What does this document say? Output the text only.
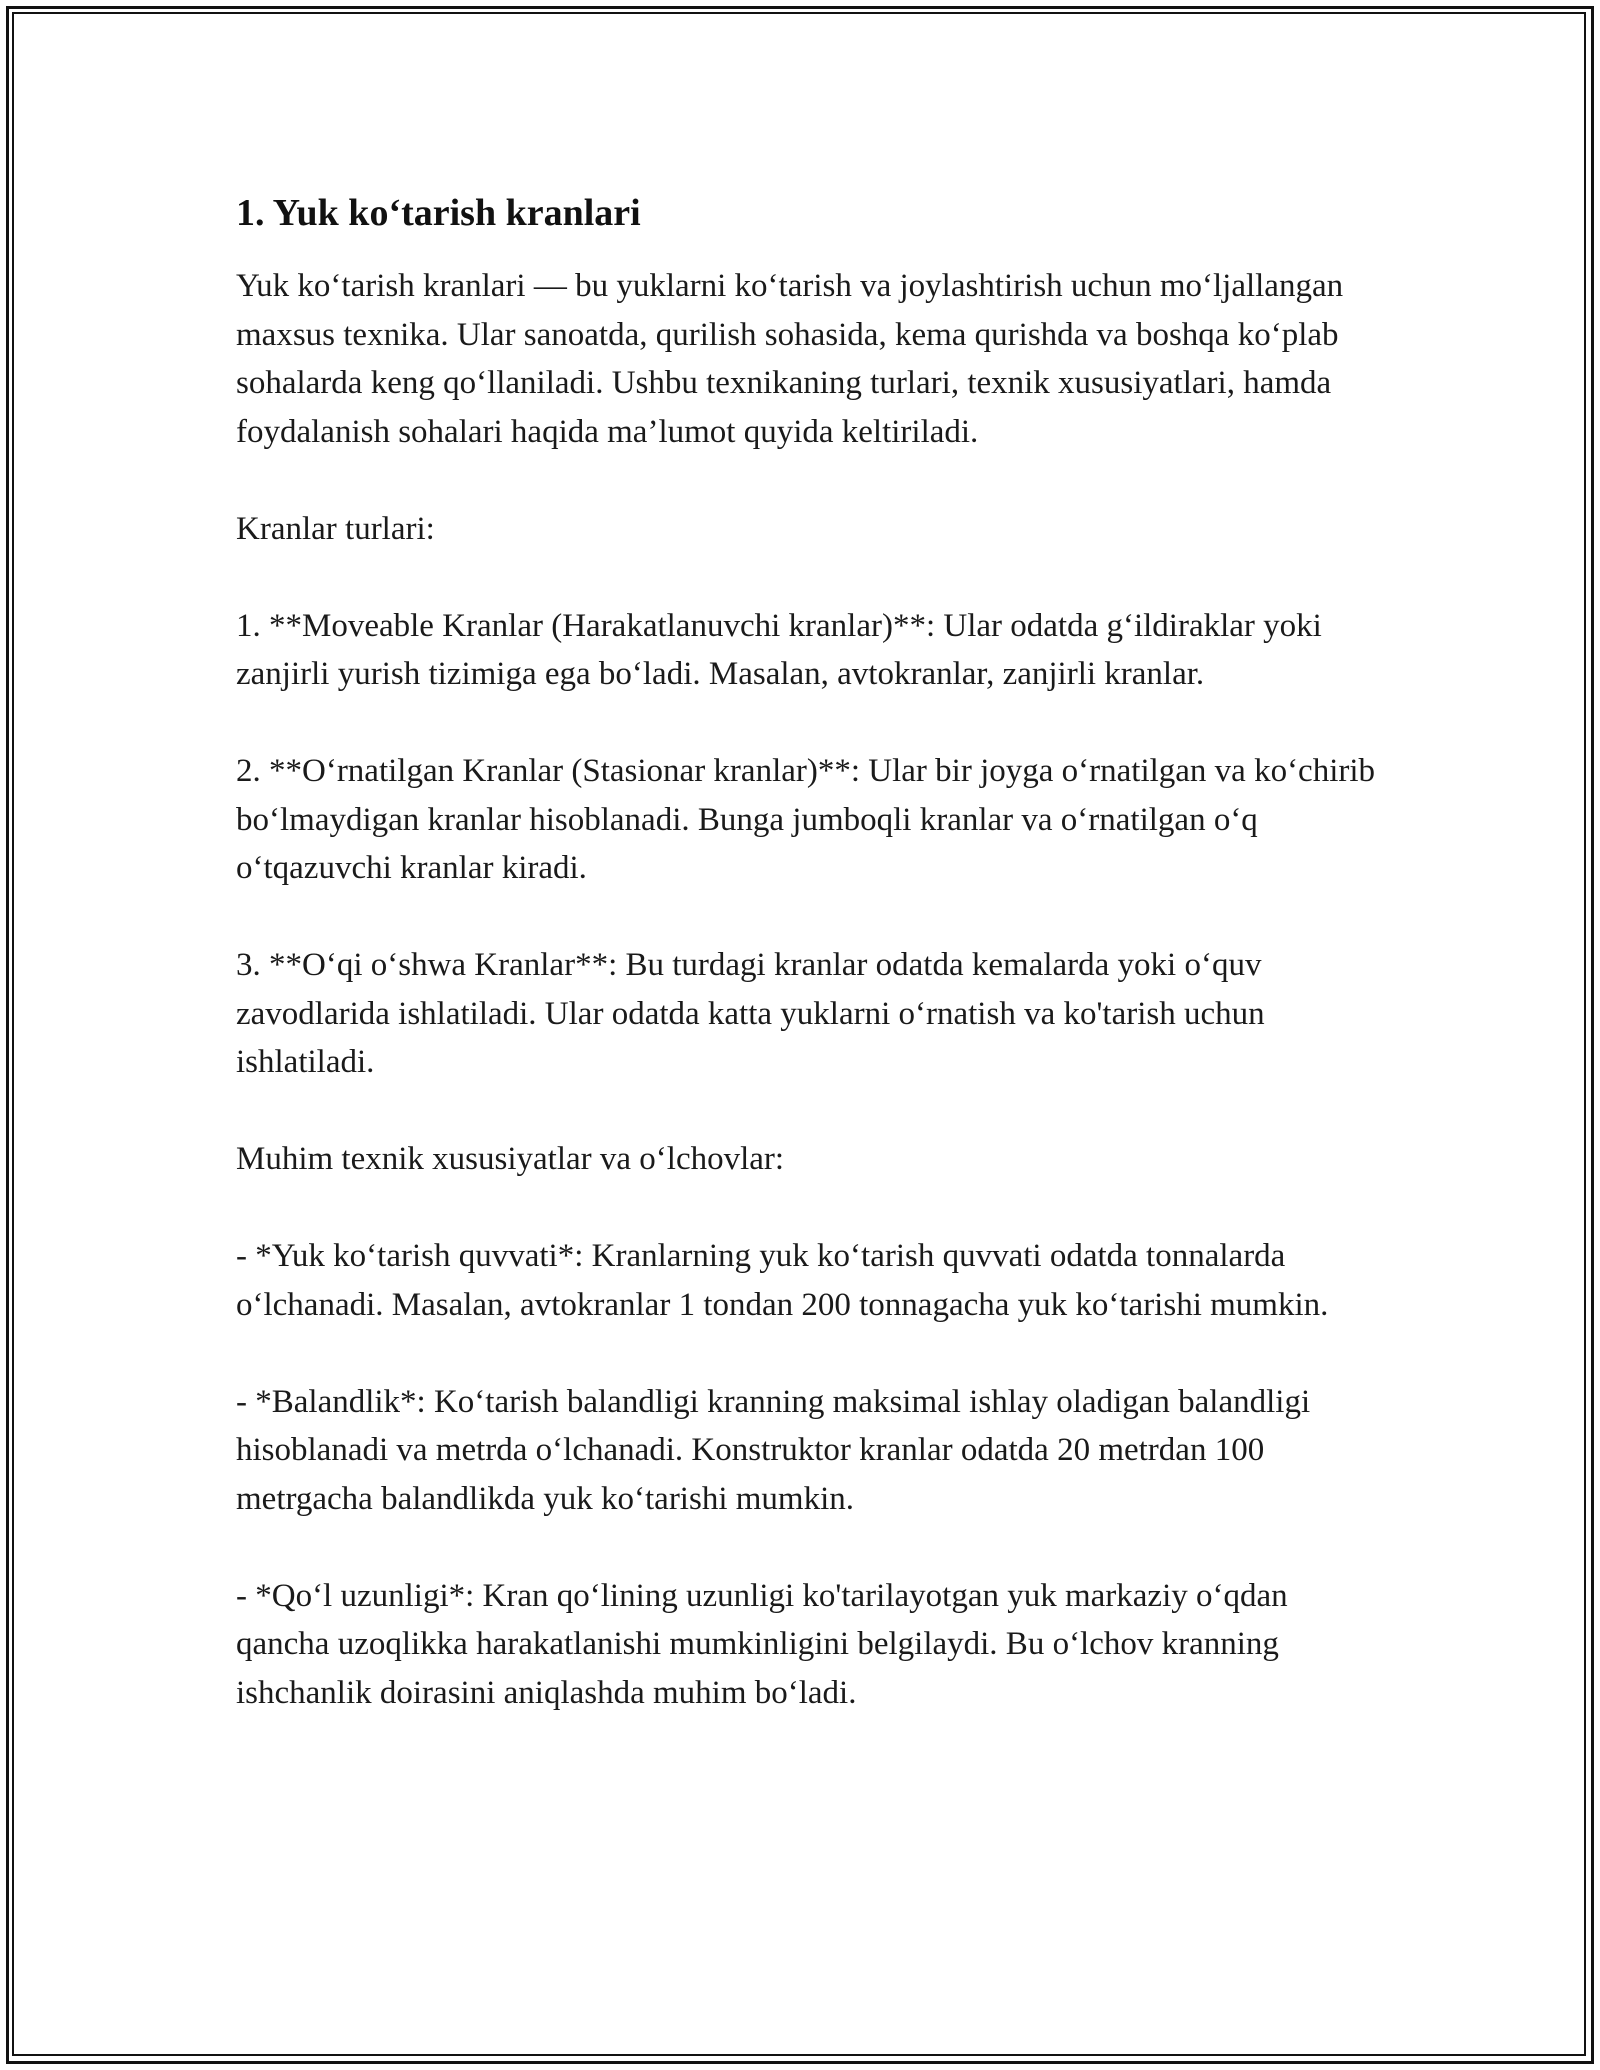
1. Yuk ko‘tarish kranlari

Yuk ko‘tarish kranlari — bu yuklarni ko‘tarish va joylashtirish uchun mo‘ljallangan maxsus texnika. Ular sanoatda, qurilish sohasida, kema qurishda va boshqa ko‘plab sohalarda keng qo‘llaniladi. Ushbu texnikaning turlari, texnik xususiyatlari, hamda foydalanish sohalari haqida ma’lumot quyida keltiriladi.

Kranlar turlari:

1. **Moveable Kranlar (Harakatlanuvchi kranlar)**: Ular odatda g‘ildiraklar yoki zanjirli yurish tizimiga ega bo‘ladi. Masalan, avtokranlar, zanjirli kranlar.

2. **O‘rnatilgan Kranlar (Stasionar kranlar)**: Ular bir joyga o‘rnatilgan va ko‘chirib bo‘lmaydigan kranlar hisoblanadi. Bunga jumboqli kranlar va o‘rnatilgan o‘q o‘tqazuvchi kranlar kiradi.

3. **O‘qi o‘shwa Kranlar**: Bu turdagi kranlar odatda kemalarda yoki o‘quv zavodlarida ishlatiladi. Ular odatda katta yuklarni o‘rnatish va ko'tarish uchun ishlatiladi.

Muhim texnik xususiyatlar va o‘lchovlar:

- *Yuk ko‘tarish quvvati*: Kranlarning yuk ko‘tarish quvvati odatda tonnalarda o‘lchanadi. Masalan, avtokranlar 1 tondan 200 tonnagacha yuk ko‘tarishi mumkin.

- *Balandlik*: Ko‘tarish balandligi kranning maksimal ishlay oladigan balandligi hisoblanadi va metrda o‘lchanadi. Konstruktor kranlar odatda 20 metrdan 100 metrgacha balandlikda yuk ko‘tarishi mumkin.

- *Qo‘l uzunligi*: Kran qo‘lining uzunligi ko'tarilayotgan yuk markaziy o‘qdan qancha uzoqlikka harakatlanishi mumkinligini belgilaydi. Bu o‘lchov kranning ishchanlik doirasini aniqlashda muhim bo‘ladi.
